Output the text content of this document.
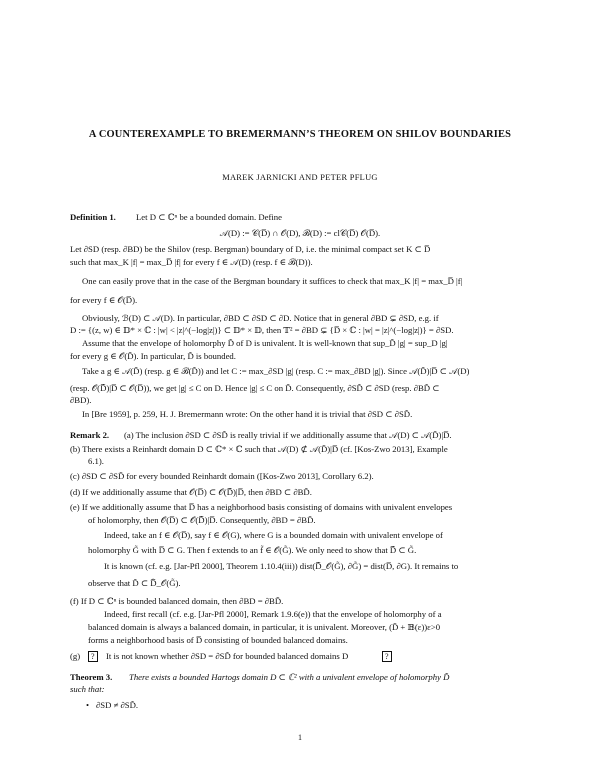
A COUNTEREXAMPLE TO BREMERMANN’S THEOREM ON SHILOV BOUNDARIES
MAREK JARNICKI AND PETER PFLUG
Definition 1. Let D ⊂ ℂⁿ be a bounded domain. Define
𝒜(D) := 𝒞(D̅) ∩ 𝒪(D), ℬ(D) := cl𝒞(D̅) 𝒪(D̅).
Let ∂SD (resp. ∂BD) be the Shilov (resp. Bergman) boundary of D, i.e. the minimal compact set K ⊂ D̅
such that max_K |f| = max_D̅ |f| for every f ∈ 𝒜(D) (resp. f ∈ ℬ(D)).
One can easily prove that in the case of the Bergman boundary it suffices to check that max_K |f| = max_D̅ |f|
for every f ∈ 𝒪(D̅).
Obviously, ℬ(D) ⊂ 𝒜(D). In particular, ∂BD ⊂ ∂SD ⊂ ∂D. Notice that in general ∂BD ⊊ ∂SD, e.g. if
D := {(z, w) ∈ 𝔻* × ℂ : |w| < |z|^(−log|z|)} ⊂ 𝔻* × 𝔻, then 𝕋² = ∂BD ⊊ {D̅ × ℂ : |w| = |z|^(−log|z|)} = ∂SD.
Assume that the envelope of holomorphy D̃ of D is univalent. It is well-known that sup_D̃ |g| = sup_D |g|
for every g ∈ 𝒪(D̃). In particular, D̃ is bounded.
Take a g ∈ 𝒜(D̃) (resp. g ∈ ℬ(D̃)) and let C := max_∂SD |g| (resp. C := max_∂BD |g|). Since 𝒜(D̃)|D̅ ⊂ 𝒜(D)
(resp. 𝒪(D̃̅)|D̅ ⊂ 𝒪(D̅)), we get |g| ≤ C on D. Hence |g| ≤ C on D̃. Consequently, ∂SD̃ ⊂ ∂SD (resp. ∂BD̃ ⊂
∂BD).
In [Bre 1959], p. 259, H. J. Bremermann wrote: On the other hand it is trivial that ∂SD ⊂ ∂SD̃.
Remark 2. (a) The inclusion ∂SD ⊂ ∂SD̃ is really trivial if we additionally assume that 𝒜(D) ⊂ 𝒜(D̃)|D̅.
(b) There exists a Reinhardt domain D ⊂ ℂ* × ℂ such that 𝒜(D) ⊄ 𝒜(D̃)|D̅ (cf. [Kos-Zwo 2013], Example
6.1).
(c) ∂SD ⊂ ∂SD̃ for every bounded Reinhardt domain ([Kos-Zwo 2013], Corollary 6.2).
(d) If we additionally assume that 𝒪(D̅) ⊂ 𝒪(D̃̅)|D̅, then ∂BD ⊂ ∂BD̃.
(e) If we additionally assume that D̅ has a neighborhood basis consisting of domains with univalent envelopes
of holomorphy, then 𝒪(D̅) ⊂ 𝒪(D̃̅)|D̅. Consequently, ∂BD = ∂BD̃.
Indeed, take an f ∈ 𝒪(D̅), say f ∈ 𝒪(G), where G is a bounded domain with univalent envelope of
holomorphy G̃ with D̅ ⊂ G. Then f extends to an f̃ ∈ 𝒪(G̃). We only need to show that D̃̅ ⊂ G̃.
It is known (cf. e.g. [Jar-Pfl 2000], Theorem 1.10.4(iii)) dist(D̃̅_𝒪(G̃), ∂G̃) = dist(D̅, ∂G). It remains to
observe that D̃ ⊂ D̅̂_𝒪(G̃).
(f) If D ⊂ ℂⁿ is bounded balanced domain, then ∂BD = ∂BD̃.
Indeed, first recall (cf. e.g. [Jar-Pfl 2000], Remark 1.9.6(e)) that the envelope of holomorphy of a
balanced domain is always a balanced domain, in particular, it is univalent. Moreover, (D̃ + 𝔹(ε))ε>0
forms a neighborhood basis of D̅ consisting of bounded balanced domains.
It is not known whether ∂SD = ∂SD̃ for bounded balanced domains D
Theorem 3. There exists a bounded Hartogs domain D ⊂ ℂ² with a univalent envelope of holomorphy D̃
such that:
∂SD ≠ ∂SD̃.
(g)	?	?
•
1
